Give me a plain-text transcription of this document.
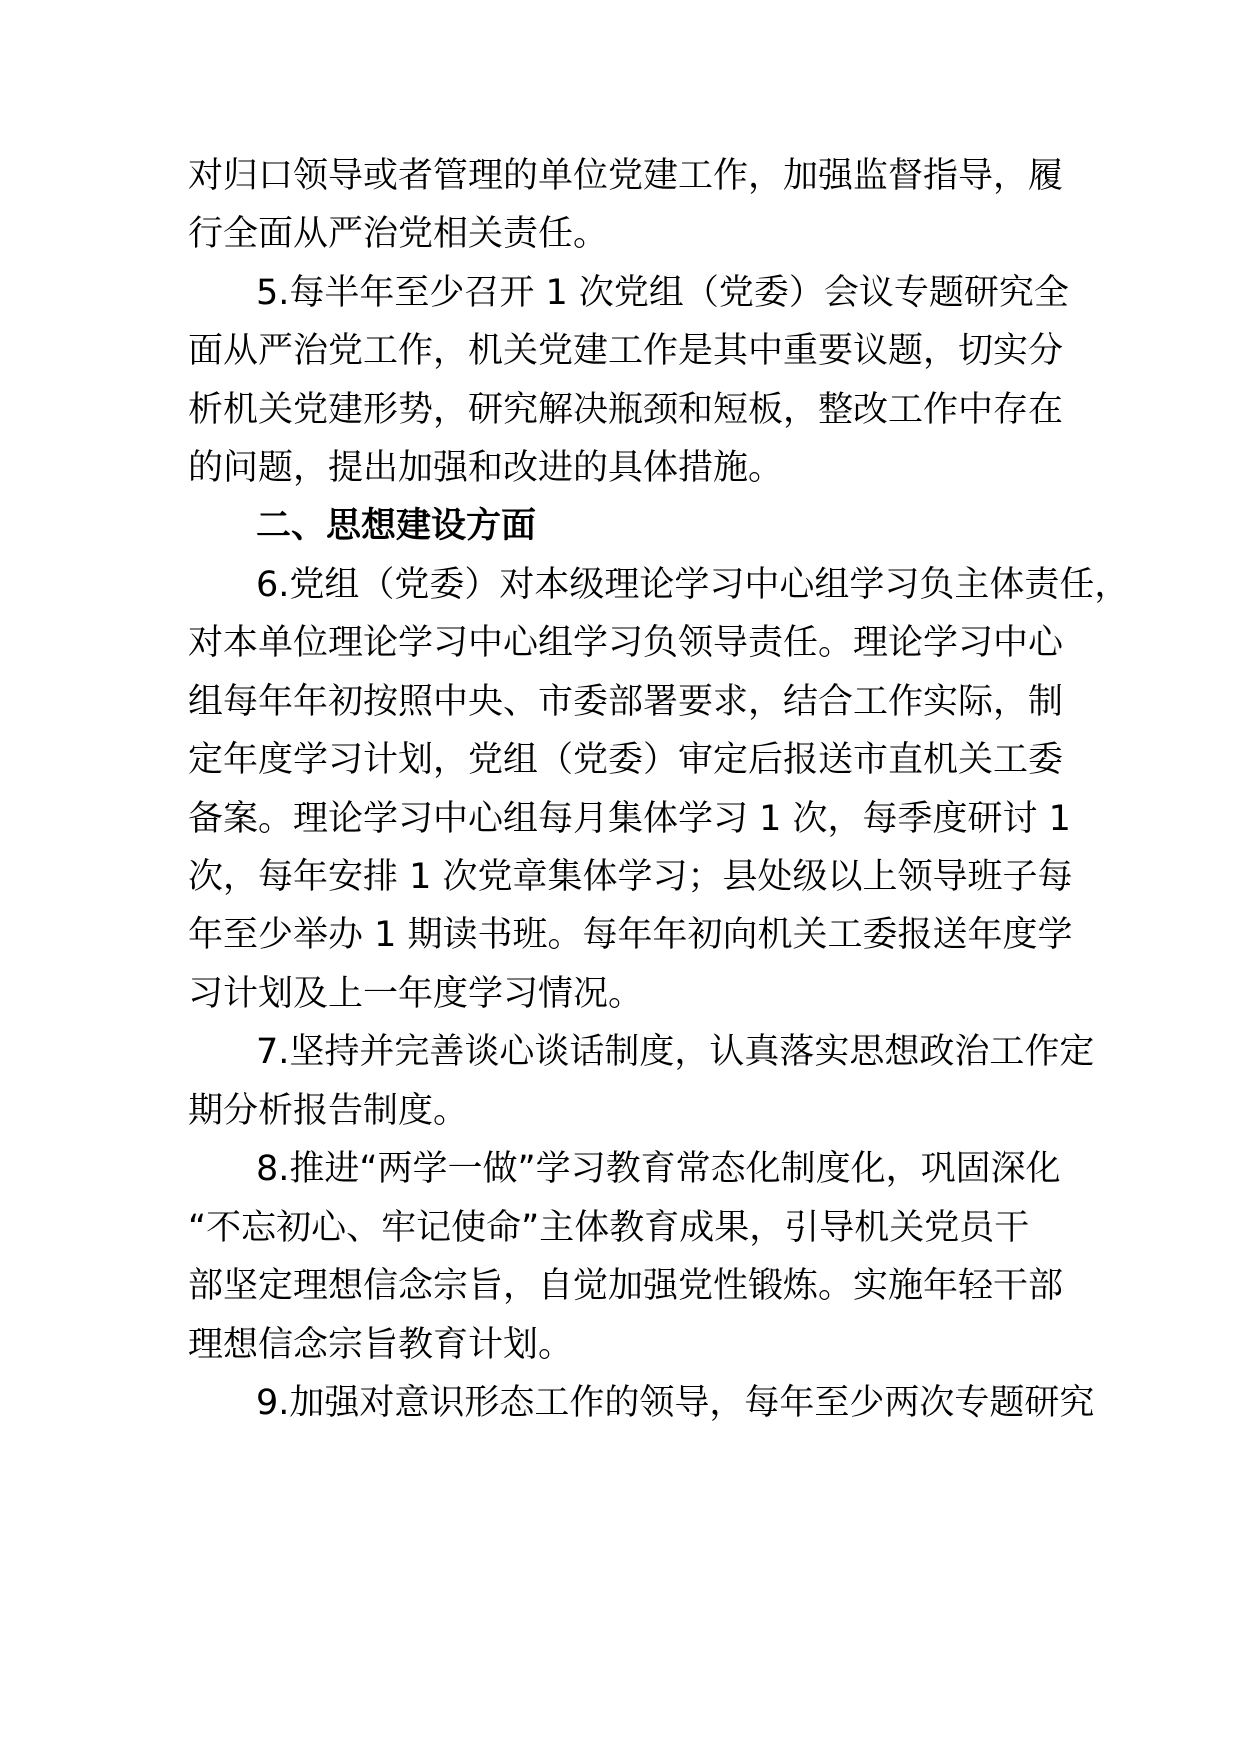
对归口领导或者管理的单位党建工作，加强监督指导，履
行全面从严治党相关责任。
5.每半年至少召开 1 次党组（党委）会议专题研究全
面从严治党工作，机关党建工作是其中重要议题，切实分
析机关党建形势，研究解决瓶颈和短板，整改工作中存在
的问题，提出加强和改进的具体措施。
二、思想建设方面
6.党组（党委）对本级理论学习中心组学习负主体责任，
对本单位理论学习中心组学习负领导责任。理论学习中心
组每年年初按照中央、市委部署要求，结合工作实际，制
定年度学习计划，党组（党委）审定后报送市直机关工委
备案。理论学习中心组每月集体学习 1 次，每季度研讨 1
次，每年安排 1 次党章集体学习；县处级以上领导班子每
年至少举办 1 期读书班。每年年初向机关工委报送年度学
习计划及上一年度学习情况。
7.坚持并完善谈心谈话制度，认真落实思想政治工作定
期分析报告制度。
8.推进“两学一做”学习教育常态化制度化，巩固深化
“不忘初心、牢记使命”主体教育成果，引导机关党员干
部坚定理想信念宗旨，自觉加强党性锻炼。实施年轻干部
理想信念宗旨教育计划。
9.加强对意识形态工作的领导，每年至少两次专题研究
